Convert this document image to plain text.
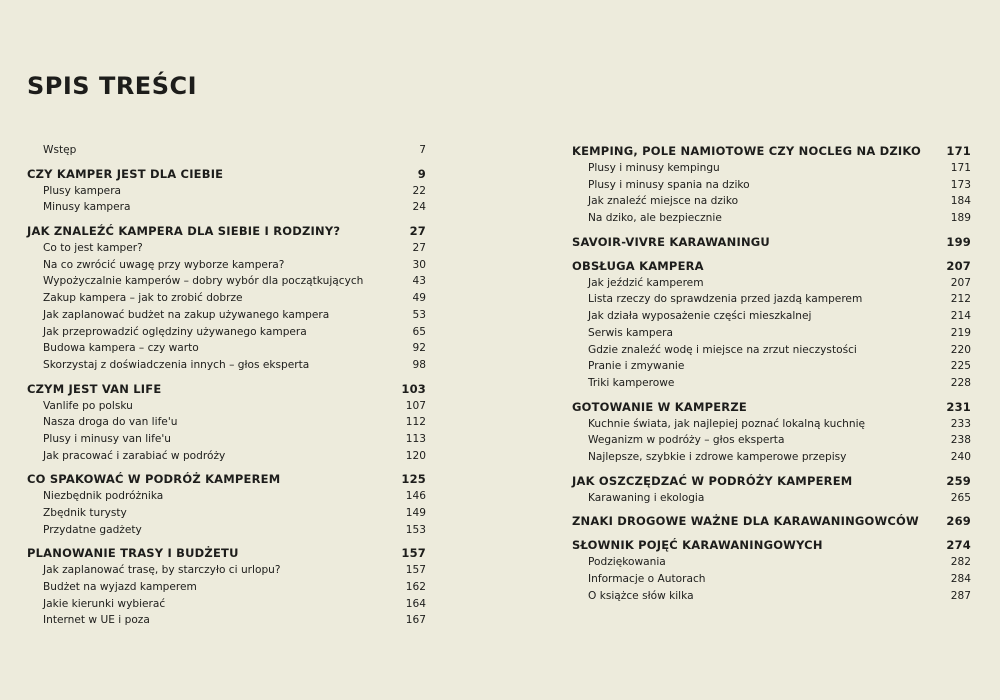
SPIS TREŚCI
Wstęp	7
CZY KAMPER JEST DLA CIEBIE	9
Plusy kampera	22
Minusy kampera	24
JAK ZNALEŹĆ KAMPERA DLA SIEBIE I RODZINY?	27
Co to jest kamper?	27
Na co zwrócić uwagę przy wyborze kampera?	30
Wypożyczalnie kamperów – dobry wybór dla początkujących	43
Zakup kampera – jak to zrobić dobrze	49
Jak zaplanować budżet na zakup używanego kampera	53
Jak przeprowadzić oględziny używanego kampera	65
Budowa kampera – czy warto	92
Skorzystaj z doświadczenia innych – głos eksperta	98
CZYM JEST VAN LIFE	103
Vanlife po polsku	107
Nasza droga do van life'u	112
Plusy i minusy van life'u	113
Jak pracować i zarabiać w podróży	120
CO SPAKOWAĆ W PODRÓŻ KAMPEREM	125
Niezbędnik podróżnika	146
Zbędnik turysty	149
Przydatne gadżety	153
PLANOWANIE TRASY I BUDŻETU	157
Jak zaplanować trasę, by starczyło ci urlopu?	157
Budżet na wyjazd kamperem	162
Jakie kierunki wybierać	164
Internet w UE i poza	167
KEMPING, POLE NAMIOTOWE CZY NOCLEG NA DZIKO 171
Plusy i minusy kempingu	171
Plusy i minusy spania na dziko	173
Jak znaleźć miejsce na dziko	184
Na dziko, ale bezpiecznie	189
SAVOIR-VIVRE KARAWANINGU	199
OBSŁUGA KAMPERA	207
Jak jeździć kamperem	207
Lista rzeczy do sprawdzenia przed jazdą kamperem	212
Jak działa wyposażenie części mieszkalnej	214
Serwis kampera	219
Gdzie znaleźć wodę i miejsce na zrzut nieczystości	220
Pranie i zmywanie	225
Triki kamperowe	228
GOTOWANIE W KAMPERZE	231
Kuchnie świata, jak najlepiej poznać lokalną kuchnię	233
Weganizm w podróży – głos eksperta	238
Najlepsze, szybkie i zdrowe kamperowe przepisy	240
JAK OSZCZĘDZAĆ W PODRÓŻY KAMPEREM	259
Karawaning i ekologia	265
ZNAKI DROGOWE WAŻNE DLA KARAWANINGOWCÓW 269
SŁOWNIK POJĘĆ KARAWANINGOWYCH	274
Podziękowania	282
Informacje o Autorach	284
O książce słów kilka	287
